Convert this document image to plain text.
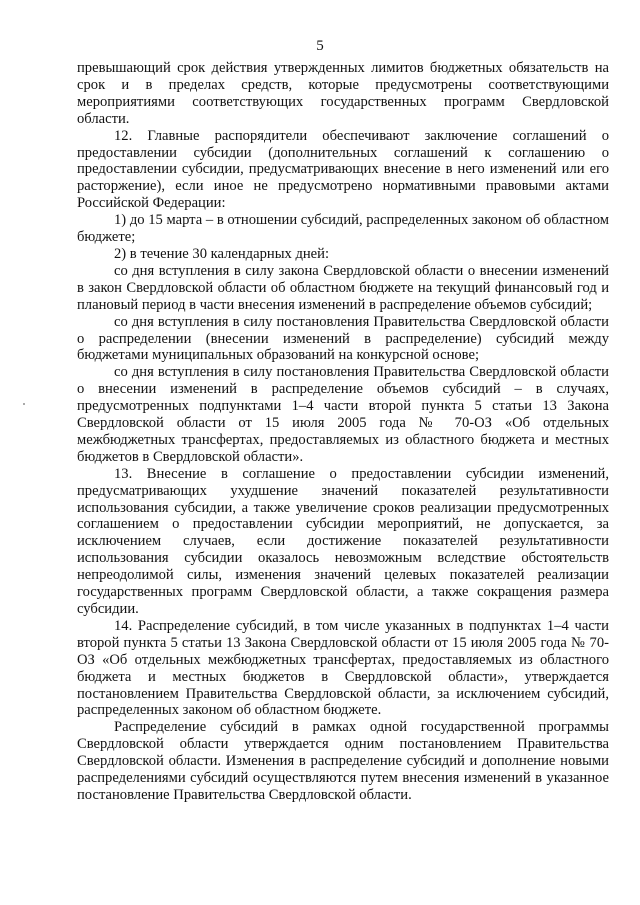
5

превышающий срок действия утвержденных лимитов бюджетных обязательств на срок и в пределах средств, которые предусмотрены соответствующими мероприятиями соответствующих государственных программ Свердловской области.

12. Главные распорядители обеспечивают заключение соглашений о предоставлении субсидии (дополнительных соглашений к соглашению о предоставлении субсидии, предусматривающих внесение в него изменений или его расторжение), если иное не предусмотрено нормативными правовыми актами Российской Федерации:

1) до 15 марта – в отношении субсидий, распределенных законом об областном бюджете;

2) в течение 30 календарных дней:

со дня вступления в силу закона Свердловской области о внесении изменений в закон Свердловской области об областном бюджете на текущий финансовый год и плановый период в части внесения изменений в распределение объемов субсидий;

со дня вступления в силу постановления Правительства Свердловской области о распределении (внесении изменений в распределение) субсидий между бюджетами муниципальных образований на конкурсной основе;

со дня вступления в силу постановления Правительства Свердловской области о внесении изменений в распределение объемов субсидий – в случаях, предусмотренных подпунктами 1–4 части второй пункта 5 статьи 13 Закона Свердловской области от 15 июля 2005 года № 70-ОЗ «Об отдельных межбюджетных трансфертах, предоставляемых из областного бюджета и местных бюджетов в Свердловской области».

13. Внесение в соглашение о предоставлении субсидии изменений, предусматривающих ухудшение значений показателей результативности использования субсидии, а также увеличение сроков реализации предусмотренных соглашением о предоставлении субсидии мероприятий, не допускается, за исключением случаев, если достижение показателей результативности использования субсидии оказалось невозможным вследствие обстоятельств непреодолимой силы, изменения значений целевых показателей реализации государственных программ Свердловской области, а также сокращения размера субсидии.

14. Распределение субсидий, в том числе указанных в подпунктах 1–4 части второй пункта 5 статьи 13 Закона Свердловской области от 15 июля 2005 года № 70-ОЗ «Об отдельных межбюджетных трансфертах, предоставляемых из областного бюджета и местных бюджетов в Свердловской области», утверждается постановлением Правительства Свердловской области, за исключением субсидий, распределенных законом об областном бюджете.

Распределение субсидий в рамках одной государственной программы Свердловской области утверждается одним постановлением Правительства Свердловской области. Изменения в распределение субсидий и дополнение новыми распределениями субсидий осуществляются путем внесения изменений в указанное постановление Правительства Свердловской области.
